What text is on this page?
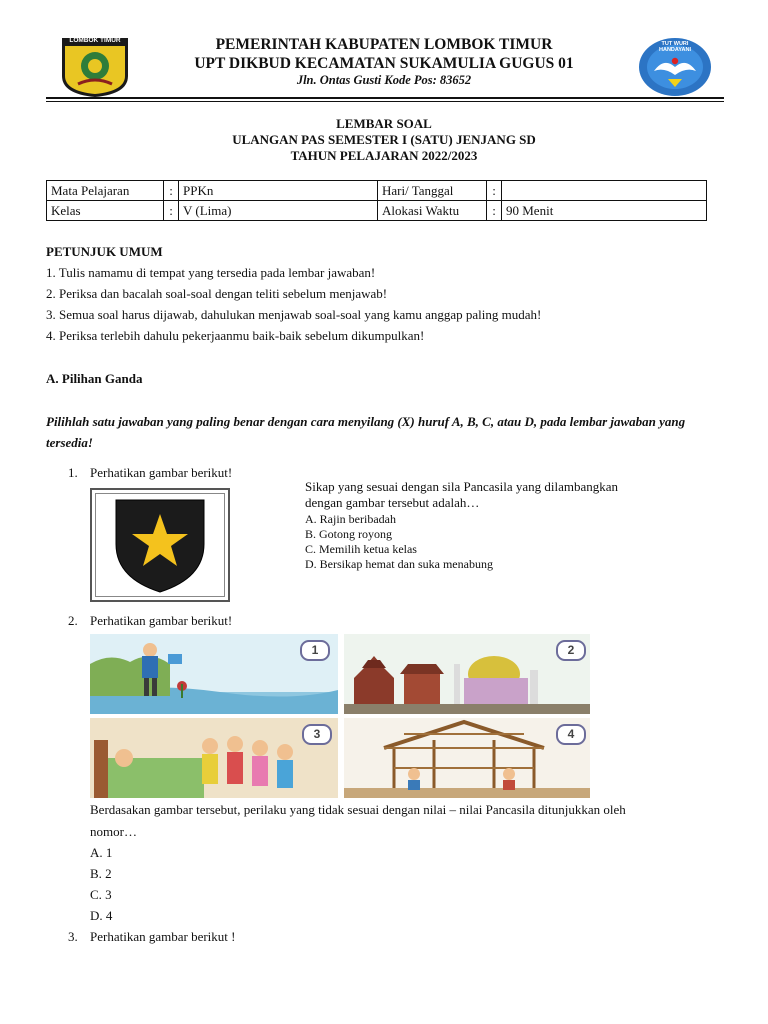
LOMBOK TIMUR	TUT WURI HANDAYANI
PEMERINTAH KABUPATEN LOMBOK TIMUR
UPT DIKBUD KECAMATAN SUKAMULIA GUGUS 01
Jln. Ontas Gusti Kode Pos: 83652
LEMBAR SOAL
ULANGAN PAS SEMESTER I (SATU) JENJANG SD
TAHUN PELAJARAN 2022/2023
Mata Pelajaran	:	PPKn	Hari/ Tanggal	:	
Kelas	:	V (Lima)	Alokasi Waktu	:	90 Menit
PETUNJUK UMUM
1. Tulis namamu di tempat yang tersedia pada lembar jawaban!
2. Periksa dan bacalah soal-soal dengan teliti sebelum menjawab!
3. Semua soal harus dijawab, dahulukan menjawab soal-soal yang kamu anggap paling mudah!
4. Periksa terlebih dahulu pekerjaanmu baik-baik sebelum dikumpulkan!
A. Pilihan Ganda
Pilihlah satu jawaban yang paling benar dengan cara menyilang (X) huruf A, B, C, atau D, pada lembar jawaban yang tersedia!
1. Perhatikan gambar berikut!
Sikap yang sesuai dengan sila Pancasila yang dilambangkan
dengan gambar tersebut adalah…
A. Rajin beribadah
B. Gotong royong
C. Memilih ketua kelas
D. Bersikap hemat dan suka menabung
2. Perhatikan gambar berikut!
1	2
3	4
Berdasakan gambar tersebut, perilaku yang tidak sesuai dengan nilai – nilai Pancasila ditunjukkan oleh
nomor…
A. 1
B. 2
C. 3
D. 4
3. Perhatikan gambar berikut !
